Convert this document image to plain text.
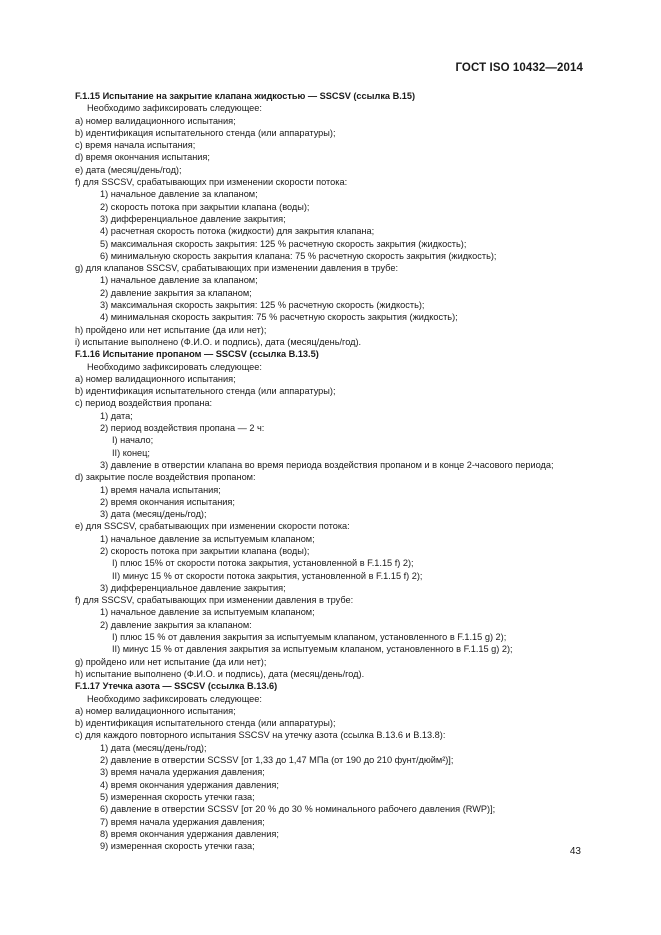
ГОСТ ISO 10432—2014
F.1.15 Испытание на закрытие клапана жидкостью — SSCSV (ссылка B.15)
Необходимо зафиксировать следующее:
a) номер валидационного испытания;
b) идентификация испытательного стенда (или аппаратуры);
c) время начала испытания;
d) время окончания испытания;
e) дата (месяц/день/год);
f) для SSCSV, срабатывающих при изменении скорости потока:
1) начальное давление за клапаном;
2) скорость потока при закрытии клапана (воды);
3) дифференциальное давление закрытия;
4) расчетная скорость потока (жидкости) для закрытия клапана;
5) максимальная скорость закрытия: 125 % расчетную скорость закрытия (жидкость);
6) минимальную скорость закрытия клапана: 75 % расчетную скорость закрытия (жидкость);
g) для клапанов SSCSV, срабатывающих при изменении давления в трубе:
1) начальное давление за клапаном;
2) давление закрытия за клапаном;
3) максимальная скорость закрытия: 125 % расчетную скорость (жидкость);
4) минимальная скорость закрытия: 75 % расчетную скорость закрытия (жидкость);
h) пройдено или нет испытание (да или нет);
i) испытание выполнено (Ф.И.О. и подпись), дата (месяц/день/год).
F.1.16 Испытание пропаном — SSCSV (ссылка B.13.5)
Необходимо зафиксировать следующее:
a) номер валидационного испытания;
b) идентификация испытательного стенда (или аппаратуры);
c) период воздействия пропана:
1) дата;
2) период воздействия пропана — 2 ч:
I) начало;
II) конец;
3) давление в отверстии клапана во время периода воздействия пропаном и в конце 2-часового периода;
d) закрытие после воздействия пропаном:
1) время начала испытания;
2) время окончания испытания;
3) дата (месяц/день/год);
e) для SSCSV, срабатывающих при изменении скорости потока:
1) начальное давление за испытуемым клапаном;
2) скорость потока при закрытии клапана (воды);
I) плюс 15% от скорости потока закрытия, установленной в F.1.15 f) 2);
II) минус 15 % от скорости потока закрытия, установленной в F.1.15 f) 2);
3) дифференциальное давление закрытия;
f) для SSCSV, срабатывающих при изменении давления в трубе:
1) начальное давление за испытуемым клапаном;
2) давление закрытия за клапаном:
I) плюс 15 % от давления закрытия за испытуемым клапаном, установленного в F.1.15 g) 2);
II) минус 15 % от давления закрытия за испытуемым клапаном, установленного в F.1.15 g) 2);
g) пройдено или нет испытание (да или нет);
h) испытание выполнено (Ф.И.О. и подпись), дата (месяц/день/год).
F.1.17 Утечка азота — SSCSV (ссылка B.13.6)
Необходимо зафиксировать следующее:
a) номер валидационного испытания;
b) идентификация испытательного стенда (или аппаратуры);
c) для каждого повторного испытания SSCSV на утечку азота (ссылка B.13.6 и B.13.8):
1) дата (месяц/день/год);
2) давление в отверстии SCSSV [от 1,33 до 1,47 МПа (от 190 до 210 фунт/дюйм²)];
3) время начала удержания давления;
4) время окончания удержания давления;
5) измеренная скорость утечки газа;
6) давление в отверстии SCSSV [от 20 % до 30 % номинального рабочего давления (RWP)];
7) время начала удержания давления;
8) время окончания удержания давления;
9) измеренная скорость утечки газа;	43
